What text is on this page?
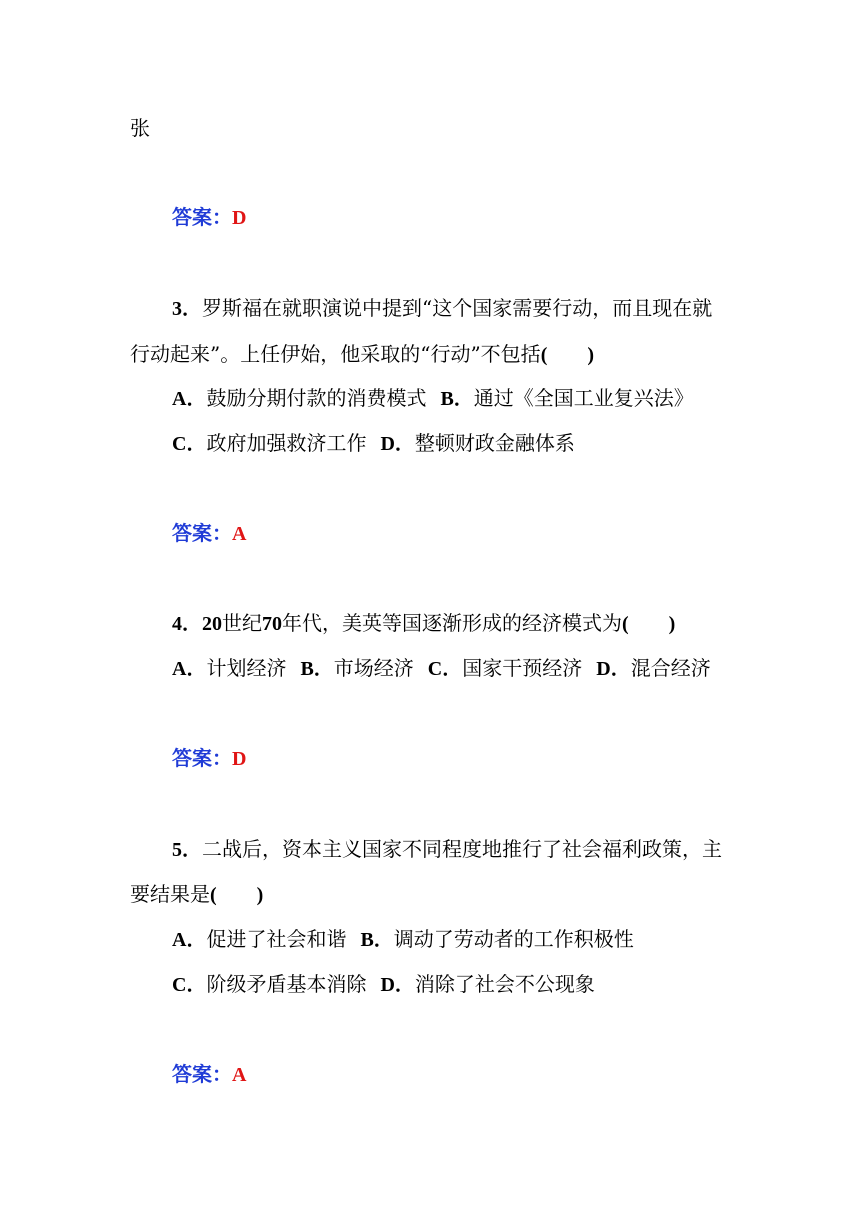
张
答案：D
3．罗斯福在就职演说中提到“这个国家需要行动，而且现在就
行动起来”。上任伊始，他采取的“行动”不包括(　　)
A．鼓励分期付款的消费模式 B．通过《全国工业复兴法》
C．政府加强救济工作 D．整顿财政金融体系
答案：A
4．20世纪70年代，美英等国逐渐形成的经济模式为(　　)
A．计划经济 B．市场经济 C．国家干预经济 D．混合经济
答案：D
5．二战后，资本主义国家不同程度地推行了社会福利政策，主
要结果是(　　)
A．促进了社会和谐 B．调动了劳动者的工作积极性
C．阶级矛盾基本消除 D．消除了社会不公现象
答案：A
